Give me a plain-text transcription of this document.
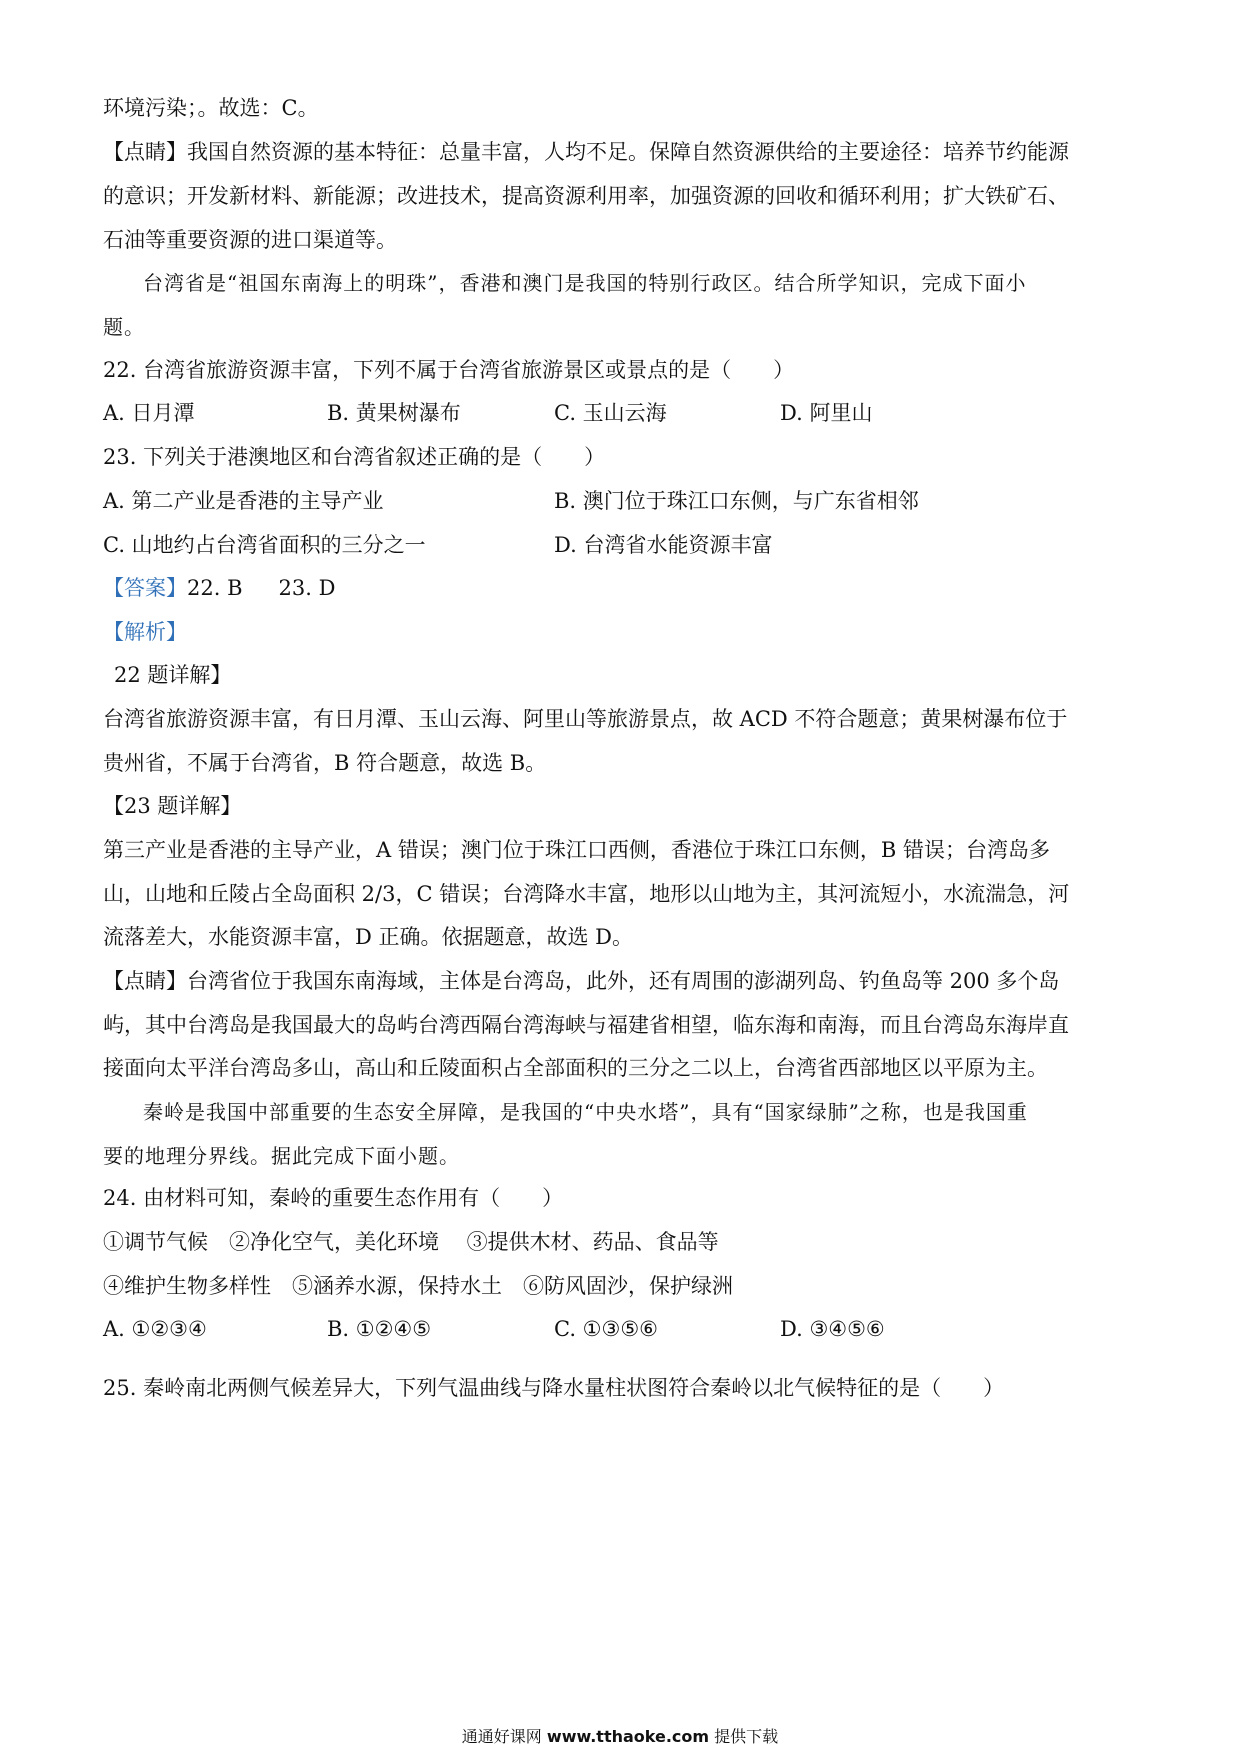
环境污染；。故选：C。
【点睛】我国自然资源的基本特征：总量丰富，人均不足。保障自然资源供给的主要途径：培养节约能源
的意识；开发新材料、新能源；改进技术，提高资源利用率，加强资源的回收和循环利用；扩大铁矿石、
石油等重要资源的进口渠道等。
台湾省是“祖国东南海上的明珠”，香港和澳门是我国的特别行政区。结合所学知识，完成下面小
题。
22. 台湾省旅游资源丰富，下列不属于台湾省旅游景区或景点的是（　　）
A. 日月潭	B. 黄果树瀑布	C. 玉山云海	D. 阿里山
23. 下列关于港澳地区和台湾省叙述正确的是（　　）
A. 第二产业是香港的主导产业	B. 澳门位于珠江口东侧，与广东省相邻
C. 山地约占台湾省面积的三分之一	D. 台湾省水能资源丰富
【答案】22. B 23. D
【解析】
22 题详解】
台湾省旅游资源丰富，有日月潭、玉山云海、阿里山等旅游景点，故 ACD 不符合题意；黄果树瀑布位于
贵州省，不属于台湾省，B 符合题意，故选 B。
【23 题详解】
第三产业是香港的主导产业，A 错误；澳门位于珠江口西侧，香港位于珠江口东侧，B 错误；台湾岛多
山，山地和丘陵占全岛面积 2/3，C 错误；台湾降水丰富，地形以山地为主，其河流短小，水流湍急，河
流落差大，水能资源丰富，D 正确。依据题意，故选 D。
【点睛】台湾省位于我国东南海域，主体是台湾岛，此外，还有周围的澎湖列岛、钓鱼岛等 200 多个岛
屿，其中台湾岛是我国最大的岛屿台湾西隔台湾海峡与福建省相望，临东海和南海，而且台湾岛东海岸直
接面向太平洋台湾岛多山，高山和丘陵面积占全部面积的三分之二以上，台湾省西部地区以平原为主。
秦岭是我国中部重要的生态安全屏障，是我国的“中央水塔”，具有“国家绿肺”之称，也是我国重
要的地理分界线。据此完成下面小题。
24. 由材料可知，秦岭的重要生态作用有（　　）
①调节气候　②净化空气，美化环境　 ③提供木材、药品、食品等
④维护生物多样性　⑤涵养水源，保持水土　⑥防风固沙，保护绿洲
A. ①②③④	B. ①②④⑤	C. ①③⑤⑥	D. ③④⑤⑥
25. 秦岭南北两侧气候差异大，下列气温曲线与降水量柱状图符合秦岭以北气候特征的是（　　）
通通好课网 www.tthaoke.com 提供下载
